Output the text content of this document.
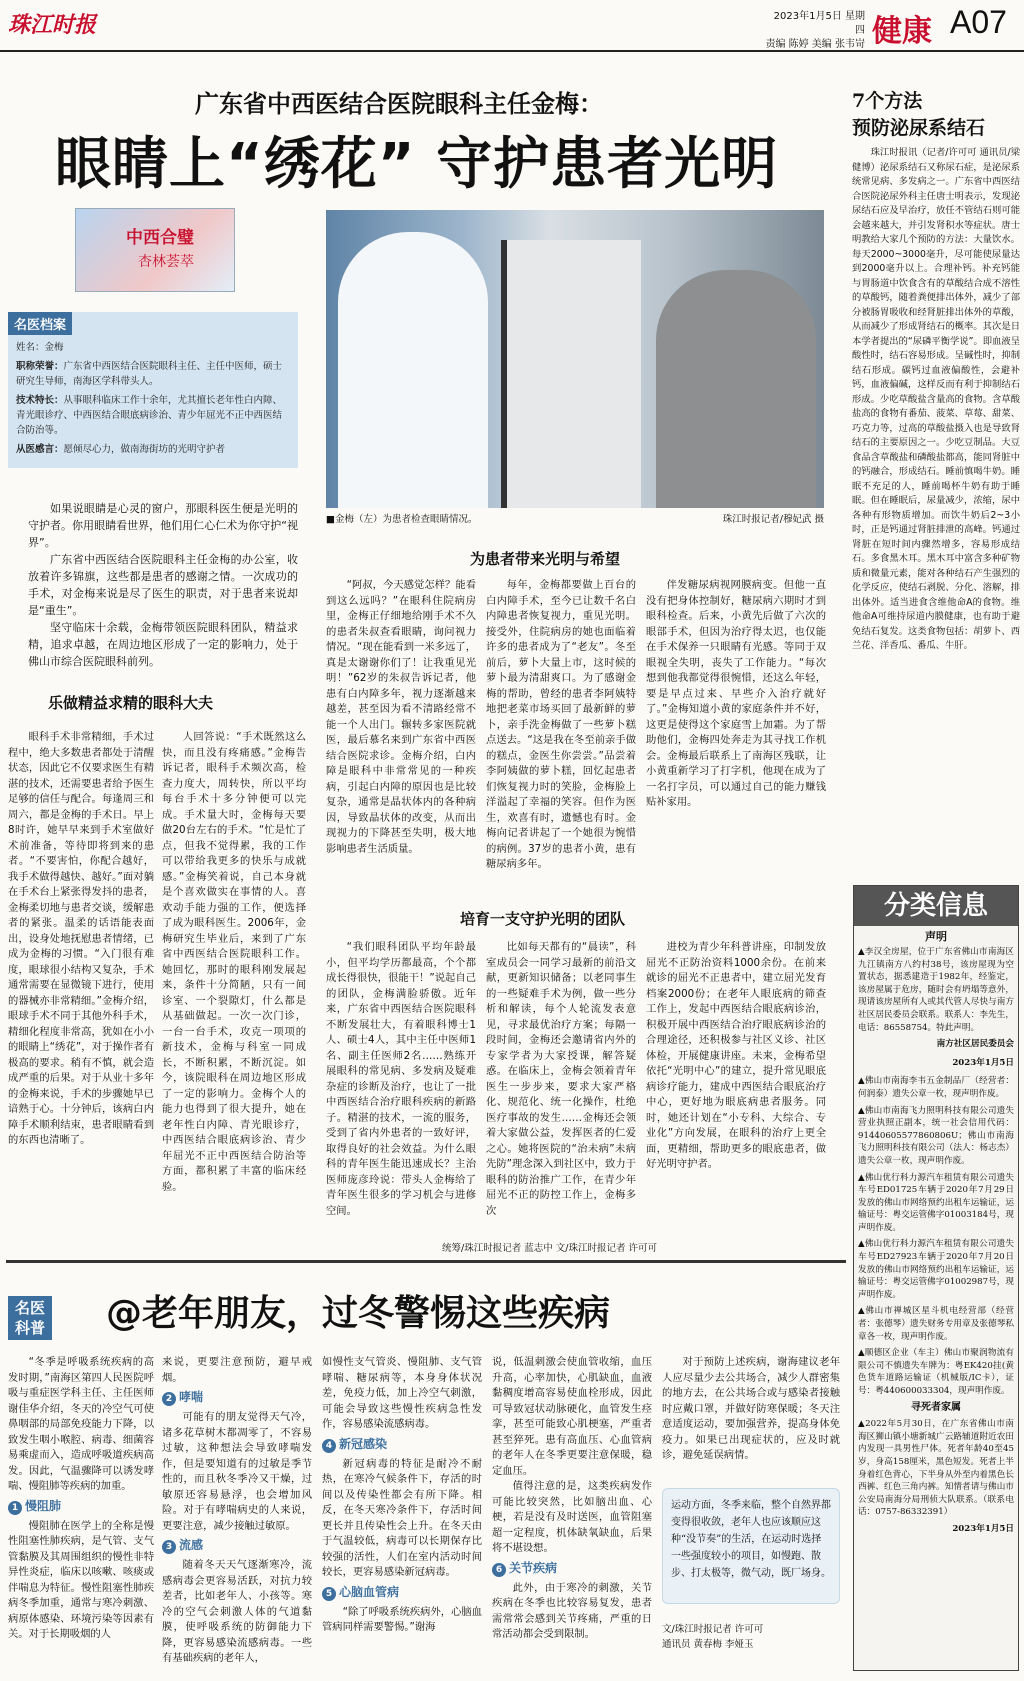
珠江时报	2023年1月5日 星期四
责编 陈婷 美编 张韦岢 健康 A07
广东省中西医结合医院眼科主任金梅：
眼睛上“绣花” 守护患者光明
中西合璧
杏林荟萃
名医档案

姓名：金梅

职称荣誉：广东省中西医结合医院眼科主任、主任中医师，硕士研究生导师，南海区学科带头人。

技术特长：从事眼科临床工作十余年，尤其擅长老年性白内障、青光眼诊疗、中西医结合眼底病诊治、青少年屈光不正中西医结合防治等。

从医感言：愿倾尽心力，做南海街坊的光明守护者

■金梅（左）为患者检查眼睛情况。	珠江时报记者/穆妃武 摄

如果说眼睛是心灵的窗户，那眼科医生便是光明的守护者。你用眼睛看世界，他们用仁心仁术为你守护“视界”。

广东省中西医结合医院眼科主任金梅的办公室，收放着许多锦旗，这些都是患者的感谢之情。一次成功的手术，对金梅来说是尽了医生的职责，对于患者来说却是“重生”。

坚守临床十余载，金梅带领医院眼科团队，精益求精，追求卓越，在周边地区形成了一定的影响力，处于佛山市综合医院眼科前列。

乐做精益求精的眼科大夫
为患者带来光明与希望
培育一支守护光明的团队
眼科手术非常精细，手术过程中，绝大多数患者都处于清醒状态，因此它不仅要求医生有精湛的技术，还需要患者给予医生足够的信任与配合。每逢周三和周六，都是金梅的手术日。早上8时许，她早早来到手术室做好术前准备，等待即将到来的患者。“不要害怕，你配合越好，我手术做得越快、越好。”面对躺在手术台上紧张得发抖的患者，金梅柔切地与患者交谈，缓解患者的紧张。温柔的话语能表面出，设身处地抚慰患者情绪，已成为金梅的习惯。“入门很有难度，眼球很小结构又复杂，手术通常需要在显微镜下进行，使用的器械亦非常精细。”金梅介绍，眼球手术不同于其他外科手术，精细化程度非常高，犹如在小小的眼睛上“绣花”，对于操作者有极高的要求。稍有不慎，就会造成严重的后果。对于从业十多年的金梅来说，手术的步骤她早已谙熟于心。十分钟后，该病白内障手术顺利结束，患者眼睛看到的东西也清晰了。
人回答说：“手术既然这么快，而且没有疼痛感。”金梅告诉记者，眼科手术频次高，检查力度大，周转快，所以平均每台手术十多分钟便可以完成。手术量大时，金梅每天要做20台左右的手术。“忙是忙了点，但我不觉得累，我的工作可以带给我更多的快乐与成就感。”金梅笑着说，自己本身就是个喜欢做实在事情的人。喜欢动手能力强的工作，便选择了成为眼科医生。2006年，金梅研究生毕业后，来到了广东省中西医结合医院眼科工作。她回忆，那时的眼科刚发展起来，条件十分简陋，只有一间诊室、一个裂隙灯，什么都是从基础做起。一次一次门诊，一台一台手术，攻克一项项的新技术，金梅与科室一同成长，不断积累，不断沉淀。如今，该院眼科在周边地区形成了一定的影响力。金梅个人的能力也得到了很大提升，她在老年性白内障、青光眼诊疗，中西医结合眼底病诊治、青少年屈光不正中西医结合防治等方面，都积累了丰富的临床经验。
“阿叔，今天感觉怎样？能看到这么远吗？”在眼科住院病房里，金梅正仔细地给刚手术不久的患者朱叔查看眼睛，询问视力情况。“现在能看到一米多远了，真是太谢谢你们了！让我重见光明！”62岁的朱叔告诉记者，他患有白内障多年，视力逐渐越来越差，甚至因为看不清路经常不能一个人出门。辗转多家医院就医，最后慕名来到广东省中西医结合医院求诊。金梅介绍，白内障是眼科中非常常见的一种疾病，引起白内障的原因也是比较复杂，通常是晶状体内的各种病因，导致晶状体的改变，从而出现视力的下降甚至失明，极大地影响患者生活质量。
每年，金梅都要做上百台的白内障手术，至今已让数千名白内障患者恢复视力，重见光明。接受外，住院病房的她也面临着许多的患者成为了“老友”。冬至前后，萝卜大量上市，这时候的萝卜最为清甜爽口。为了感谢金梅的帮助，曾经的患者李阿姨特地把老菜市场买回了最新鲜的萝卜，亲手洗金梅做了一些萝卜糕点送去。“这是我在冬至前亲手做的糕点，金医生你尝尝。”品尝着李阿姨做的萝卜糕，回忆起患者们恢复视力时的笑脸，金梅脸上洋溢起了幸福的笑容。但作为医生，欢喜有时，遗憾也有时。金梅向记者讲起了一个她很为惋惜的病例。37岁的患者小黄，患有糖尿病多年。
伴发糖尿病视网膜病变。但他一直没有把身体控制好，糖尿病六期时才到眼科检查。后来，小黄先后做了六次的眼部手术，但因为治疗得太迟，也仅能在手术保养一只眼睛有光感。等同于双眼视全失明，丧失了工作能力。“每次想到他我都觉得很惋惜，还这么年轻，要是早点过来、早些介入治疗就好了。”金梅知道小黄的家庭条件并不好，这更是使得这个家庭雪上加霜。为了帮助他们，金梅四处奔走为其寻找工作机会。金梅最后联系上了南海区残联，让小黄重新学习了打字机，他现在成为了一名打字员，可以通过自己的能力赚钱贴补家用。
“我们眼科团队平均年龄最小，但平均学历都最高，个个都成长得很快，很能干！”说起自己的团队，金梅满脸骄傲。近年来，广东省中西医结合医院眼科不断发展壮大，有着眼科博士1人、硕士4人，其中主任中医师1名、副主任医师2名……熟练开展眼科的常见病、多发病及疑难杂症的诊断及治疗，也让了一批中西医结合治疗眼科疾病的新路子。精湛的技术，一流的服务，受到了省内外患者的一致好评，取得良好的社会效益。为什么眼科的青年医生能迅速成长？主治医师庞彦玲说：带头人金梅给了青年医生很多的学习机会与进修空间。
比如每天都有的“晨读”，科室成员会一同学习最新的前沿文献，更新知识储备；以老同事生的一些疑难手术为例，做一些分析和解读，每个人轮流发表意见，寻求最优治疗方案；每隔一段时间，金梅还会邀请省内外的专家学者为大家授课，解答疑惑。在临床上，金梅会领着青年医生一步步来，要求大家严格化、规范化、统一化操作，杜绝医疗事故的发生……金梅还会领着大家做公益，发挥医者的仁爱之心。她将医院的“治未病”未病先防”理念深入到社区中，致力于眼科的防治推广工作，在青少年屈光不正的防控工作上，金梅多次
进校为青少年科普讲座，印制发放屈光不正防治资料1000余份。在前来就诊的屈光不正患者中，建立屈光发育档案2000份；在老年人眼底病的筛查工作上，发起中西医结合眼底病诊治，积极开展中西医结合治疗眼底病诊治的合理途径，还积极参与社区义诊、社区体检，开展健康讲座。未来，金梅希望依托“光明中心”的建立，提升常见眼底病诊疗能力，建成中西医结合眼底治疗中心，更好地为眼底病患者服务。同时，她还计划在“小专科、大综合、专业化”方向发展，在眼科的治疗上更全面，更精细，帮助更多的眼底患者，做好光明守护者。
统筹/珠江时报记者 蓝志中 文/珠江时报记者 许可可
7个方法
预防泌尿系结石
珠江时报讯（记者/许可可 通讯员/梁健博）泌尿系结石又称尿石症，是泌尿系统常见病、多发病之一。广东省中西医结合医院泌尿外科主任唐士明表示，发现泌尿结石应及早治疗，放任不管结石则可能会越来越大，并引发肾积水等症状。唐士明教给大家几个预防的方法：大量饮水。每天2000~3000毫升，尽可能使尿量达到2000毫升以上。合理补钙。补充钙能与胃肠道中饮食含有的草酸结合成不溶性的草酸钙，随着粪便排出体外，减少了部分被肠胃吸收和经肾脏排出体外的草酸，从而减少了形成肾结石的概率。其次是日本学者提出的“尿磷平衡学说”。即血液呈酸性时，结石容易形成。呈碱性时，抑制结石形成。碳钙过血液偏酸性，会避补钙，血液偏碱，这样反而有利于抑制结石形成。少吃草酸盐含量高的食物。含草酸盐高的食物有番茄、菠菜、草莓、甜菜、巧克力等，过高的草酸盐摄入也是导致肾结石的主要原因之一。少吃豆制品。大豆食品含草酸盐和磷酸盐都高，能同肾脏中的钙融合，形成结石。睡前慎喝牛奶。睡眠不充足的人，睡前喝杯牛奶有助于睡眠。但在睡眠后，尿量减少，浓缩，尿中各种有形物质增加。而饮牛奶后2~3小时，正是钙通过肾脏排泄的高峰。钙通过肾脏在短时间内骤然增多，容易形成结石。多食黑木耳。黑木耳中富含多种矿物质和微量元素，能对各种结石产生强烈的化学反应，使结石剥脱、分化、溶解，排出体外。适当进食含维他命A的食物。维他命A可维持尿道内膜健康，也有助于避免结石复发。这类食物包括：胡萝卜、西兰花、洋香瓜、番瓜、牛肝。
分类信息
声明
▲李汉全房屋，位于广东省佛山市南海区九江镇南方八约村38号，该房屋现为空置状态，据悉建造于1982年，经鉴定，该房屋属于危房，随时会有坍塌等意外，现请该房屋所有人或其代管人尽快与南方社区居民委员会联系。联系人：李先生，电话：86558754。特此声明。
南方社区居民委员会
2023年1月5日
▲佛山市南海李韦五金制品厂（经营者：何润泰）遗失公章一枚，现声明作废。
▲佛山市南海飞力照明科技有限公司遗失营业执照正副本，统一社会信用代码：91440605577860806U；佛山市南海飞力照明科技有限公司（法人：杨志杰）遗失公章一枚，现声明作废。
▲佛山优行科力源汽车租赁有限公司遗失车号ED01725车辆于2020年7月29日发放的佛山市网络预约出租车运输证，运输证号：粤交运管佛字01003184号，现声明作废。
▲佛山优行科力源汽车租赁有限公司遗失车号ED27923车辆于2020年7月20日发放的佛山市网络预约出租车运输证，运输证号：粤交运管佛字01002987号，现声明作废。
▲佛山市禅城区星斗机电经营部（经营者：张德琴）遗失财务专用章及张德琴私章各一枚，现声明作废。
▲顺德区企业（车主）佛山市聚润物流有限公司不慎遗失车牌为：粤EK420挂(黄色货车道路运输证（机械版/IC卡），证号：粤440600033304，现声明作废。
寻死者家属
▲2022年5月30日，在广东省佛山市南海区狮山镇小塘新城广云路辅道附近农田内发现一具男性尸体。死者年龄40至45岁，身高158厘米，黑色短发。死者上半身着红色背心，下半身从外至内着黑色长西裤、红色三角内裤。知情者请与佛山市公安局南海分局刑侦大队联系。（联系电话：0757-86332391）
2023年1月5日
名医科普 @老年朋友，过冬警惕这些疾病

“冬季是呼吸系统疾病的高发时期，”南海区第四人民医院呼吸与重症医学科主任、主任医师谢佳华介绍，冬天的冷空气可使鼻咽部的局部免疫能力下降，以致发生咽小喉腔、病毒、细菌容易乘虚而入，造成呼吸道疾病高发。因此，气温骤降可以诱发哮喘、慢阻肺等疾病的加重。

1 慢阻肺

慢阻肺在医学上的全称是慢性阻塞性肺疾病，是气管、支气管黏膜及其周围组织的慢性非特异性炎症，临床以咳嗽、咳痰或伴喘息为特征。慢性阻塞性肺疾病冬季加重，通常与寒冷刺激、病原体感染、环境污染等因素有关。对于长期吸烟的人

来说，更要注意预防，避早戒烟。

2 哮喘

可能有的朋友觉得天气冷，诸多花草树木都凋零了，不容易过敏，这种想法会导致哮喘发作，但是要知道有的过敏是季节性的，而且秋冬季冷又干燥，过敏原还容易悬浮，也会增加风险。对于有哮喘病史的人来说，更要注意，减少接触过敏原。

3 流感

随着冬天天气逐渐寒冷，流感病毒会更容易活跃，对抗力较差者，比如老年人、小孩等。寒冷的空气会刺激人体的气道黏膜，使呼吸系统的防御能力下降，更容易感染流感病毒。一些有基础疾病的老年人，

如慢性支气管炎、慢阻肺、支气管哮喘、糖尿病等，本身身体状况差，免疫力低，加上冷空气刺激，可能会导致这些慢性疾病急性发作，容易感染流感病毒。

4 新冠感染

新冠病毒的特征是耐冷不耐热，在寒冷气候条件下，存活的时间以及传染性都会有所下降。相反，在冬天寒冷条件下，存活时间更长并且传染性会上升。在冬天由于气温较低，病毒可以长期保存比较强的活性，人们在室内活动时间较长，更容易感染新冠病毒。

5 心脑血管病

“除了呼吸系统疾病外，心脑血管病同样需要警惕。”谢海

说，低温刺激会使血管收缩，血压升高，心率加快，心肌缺血，血液黏稠度增高容易使血栓形成，因此可导致冠状动脉硬化，血管发生痉挛，甚至可能致心肌梗塞，严重者甚至猝死。患有高血压、心血管病的老年人在冬季更要注意保暖，稳定血压。

值得注意的是，这类疾病发作可能比较突然，比如脑出血、心梗，若是没有及时送医，血管阻塞超一定程度，机体缺氧缺血，后果将不堪设想。

6 关节疾病

此外，由于寒冷的刺激，关节疾病在冬季也比较容易复发，患者需常常会感到关节疼痛，严重的日常活动都会受到限制。

对于预防上述疾病，谢海建议老年人应尽量少去公共场合，减少人群密集的地方去，在公共场合或与感染者接触时应戴口罩，并做好防寒保暖；冬天注意适度运动，要加强营养，提高身体免疫力。如果已出现症状的，应及时就诊，避免延误病情。
运动方面，冬季来临，整个自然界都变得很收敛，老年人也应该顺应这种“没节奏”的生活，在运动时选择一些强度较小的项目，如慢跑、散步、打太极等，微气动，既厂场身。
文/珠江时报记者 许可可
通讯员 黄春梅 李娅玉
